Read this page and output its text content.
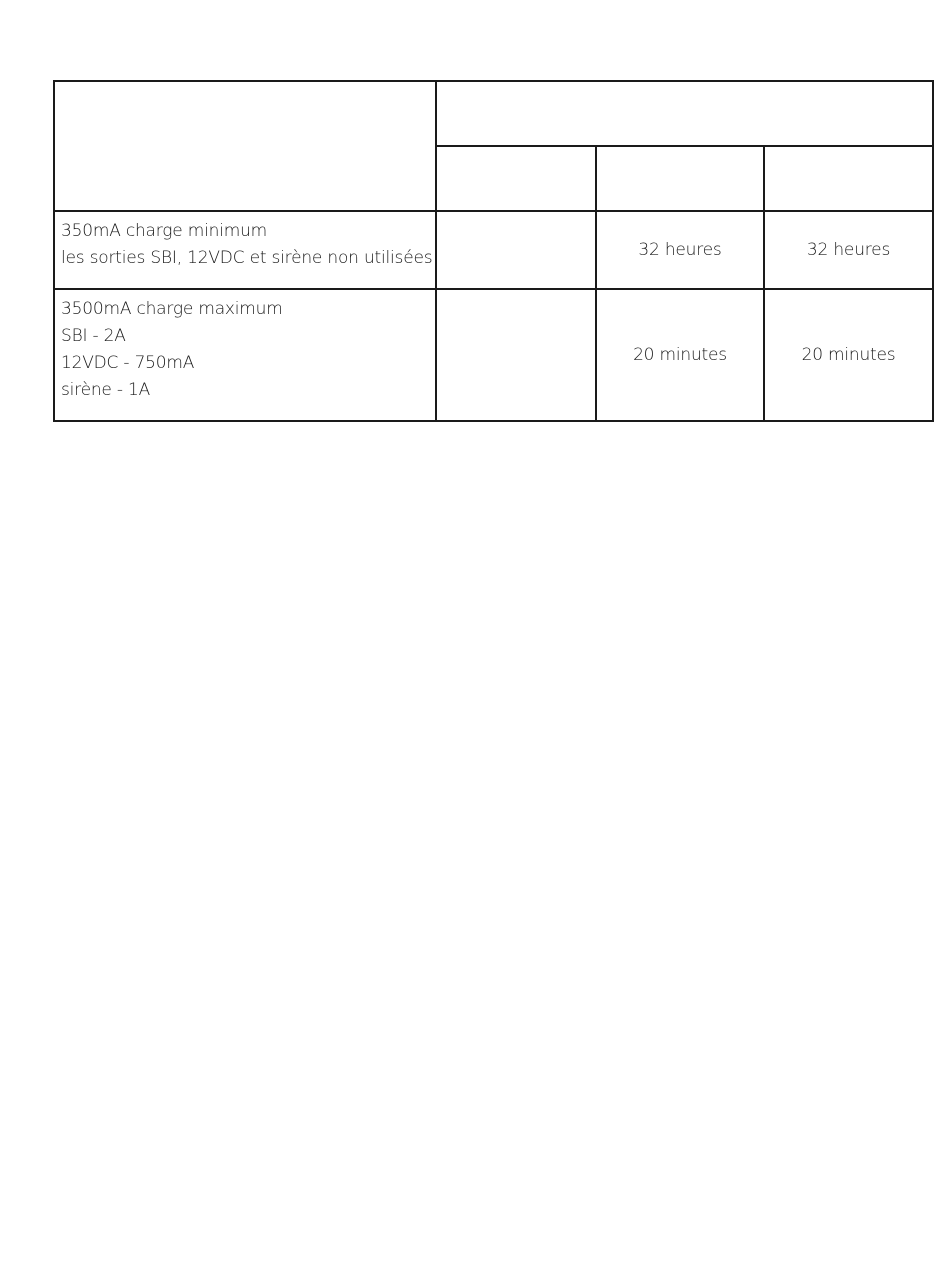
350mA charge minimum
les sorties SBI, 12VDC et sirène non utilisées		32 heures	32 heures

3500mA charge maximum
SBI - 2A
12VDC - 750mA
sirène - 1A		20 minutes	20 minutes
